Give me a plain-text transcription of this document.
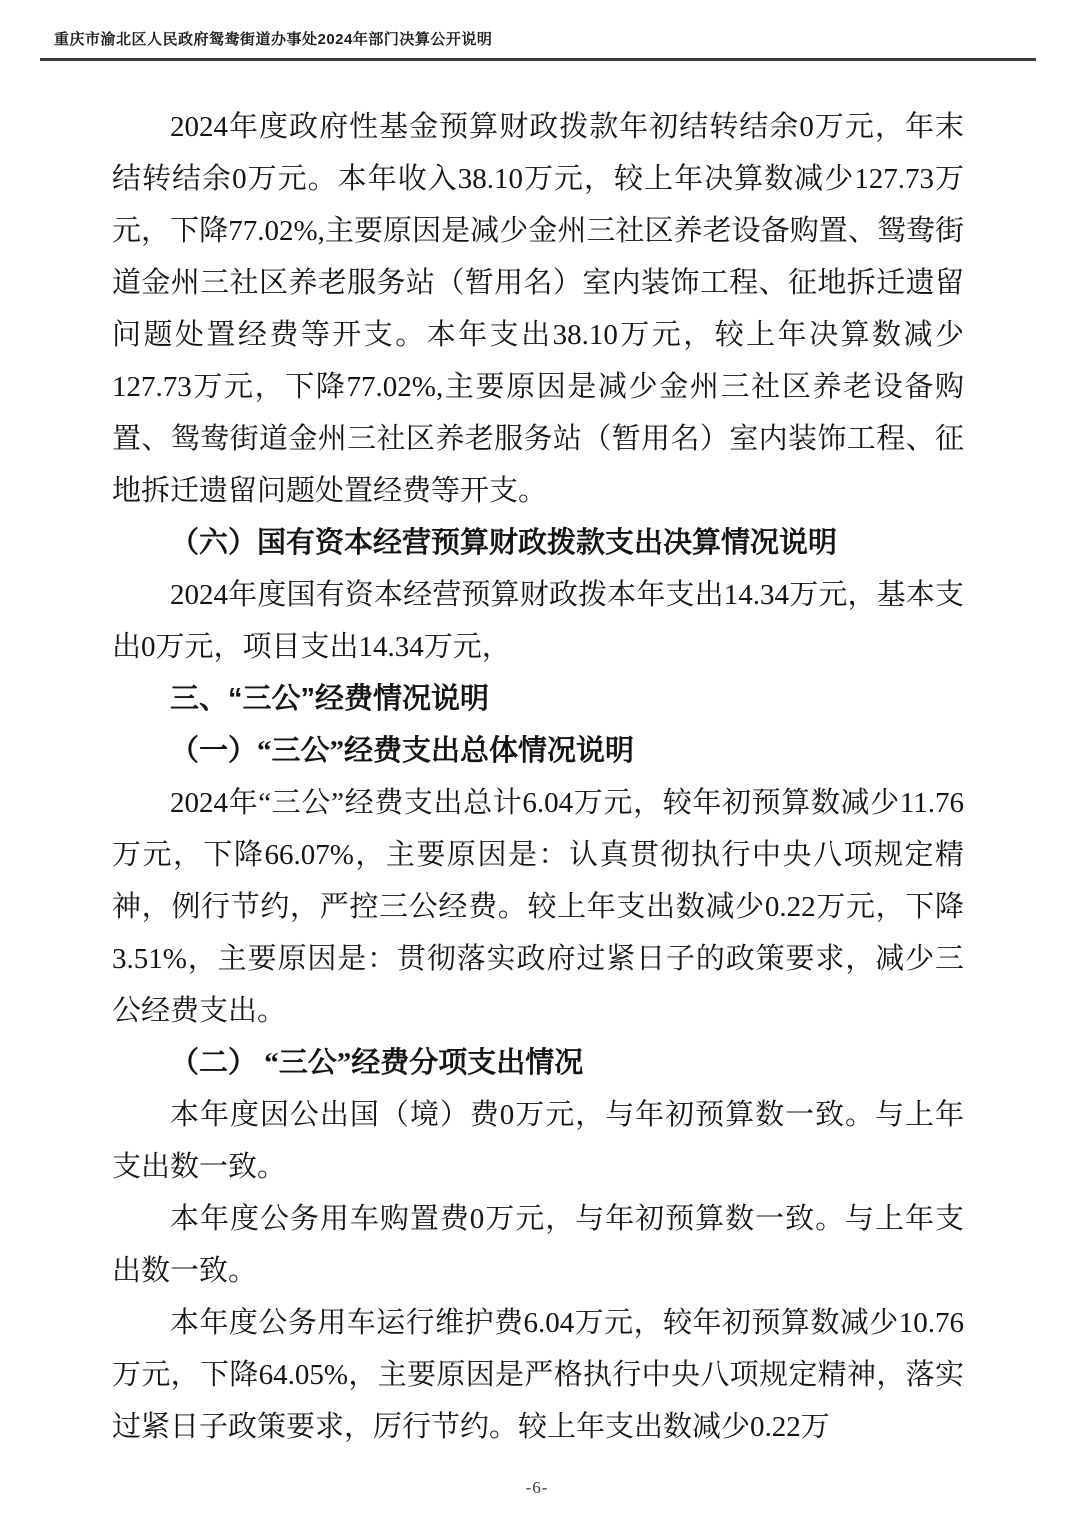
重庆市渝北区人民政府鸳鸯街道办事处2024年部门决算公开说明

2024年度政府性基金预算财政拨款年初结转结余0万元，年末结转结余0万元。本年收入38.10万元，较上年决算数减少127.73万元，下降77.02%,主要原因是减少金州三社区养老设备购置、鸳鸯街道金州三社区养老服务站（暂用名）室内装饰工程、征地拆迁遗留问题处置经费等开支。本年支出38.10万元，较上年决算数减少127.73万元，下降77.02%,主要原因是减少金州三社区养老设备购置、鸳鸯街道金州三社区养老服务站（暂用名）室内装饰工程、征地拆迁遗留问题处置经费等开支。

（六）国有资本经营预算财政拨款支出决算情况说明

2024年度国有资本经营预算财政拨本年支出14.34万元，基本支出0万元，项目支出14.34万元，

三、“三公”经费情况说明
（一）“三公”经费支出总体情况说明

2024年“三公”经费支出总计6.04万元，较年初预算数减少11.76万元，下降66.07%，主要原因是：认真贯彻执行中央八项规定精神，例行节约，严控三公经费。较上年支出数减少0.22万元，下降3.51%，主要原因是：贯彻落实政府过紧日子的政策要求，减少三公经费支出。

（二） “三公”经费分项支出情况

本年度因公出国（境）费0万元，与年初预算数一致。与上年支出数一致。

本年度公务用车购置费0万元，与年初预算数一致。与上年支出数一致。

本年度公务用车运行维护费6.04万元，较年初预算数减少10.76万元，下降64.05%，主要原因是严格执行中央八项规定精神，落实过紧日子政策要求，厉行节约。较上年支出数减少0.22万

-6-
